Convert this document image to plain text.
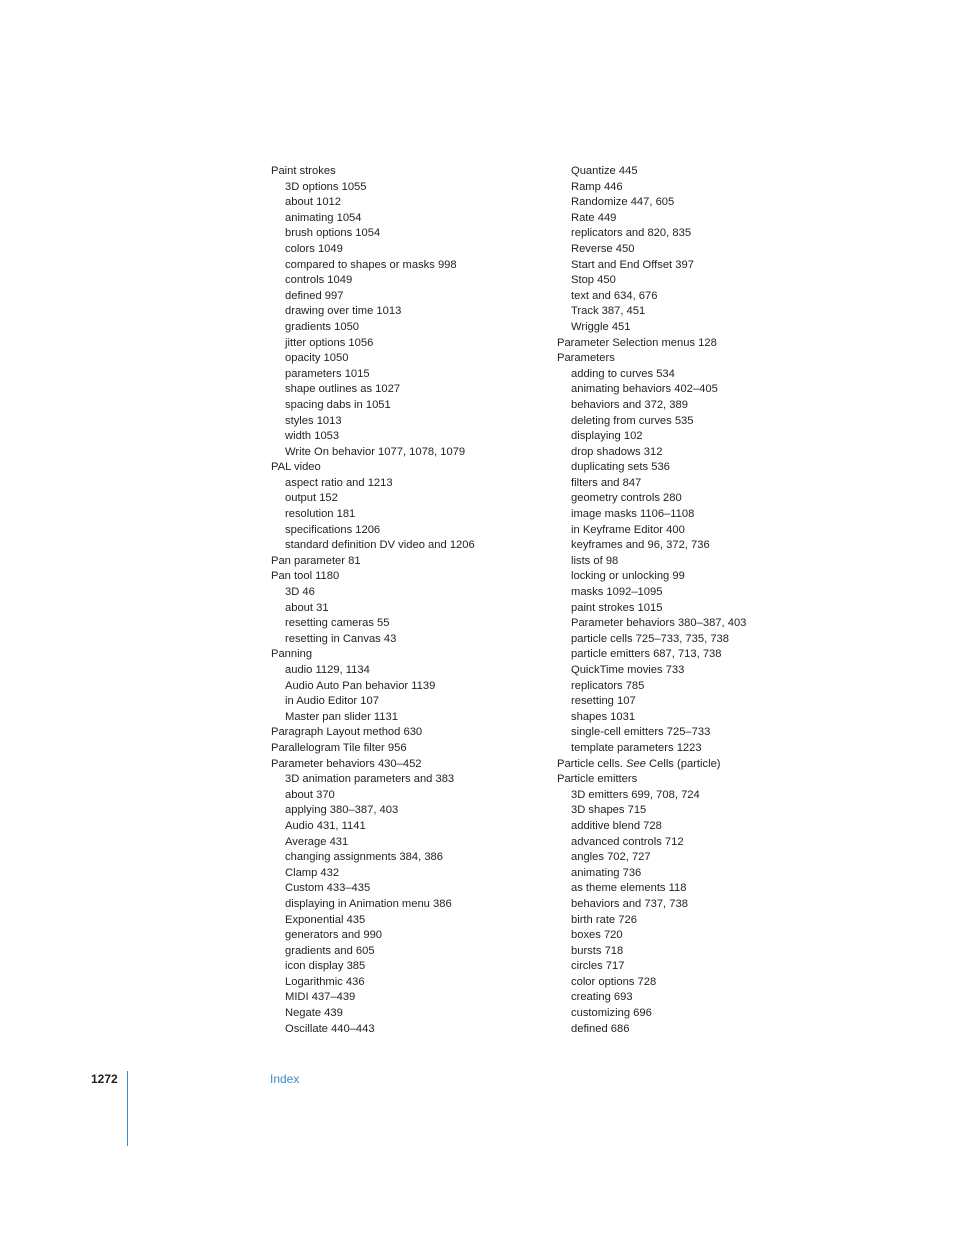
Paint strokes
3D options 1055
about 1012
animating 1054
brush options 1054
colors 1049
compared to shapes or masks 998
controls 1049
defined 997
drawing over time 1013
gradients 1050
jitter options 1056
opacity 1050
parameters 1015
shape outlines as 1027
spacing dabs in 1051
styles 1013
width 1053
Write On behavior 1077, 1078, 1079
PAL video
aspect ratio and 1213
output 152
resolution 181
specifications 1206
standard definition DV video and 1206
Pan parameter 81
Pan tool 1180
3D 46
about 31
resetting cameras 55
resetting in Canvas 43
Panning
audio 1129, 1134
Audio Auto Pan behavior 1139
in Audio Editor 107
Master pan slider 1131
Paragraph Layout method 630
Parallelogram Tile filter 956
Parameter behaviors 430–452
3D animation parameters and 383
about 370
applying 380–387, 403
Audio 431, 1141
Average 431
changing assignments 384, 386
Clamp 432
Custom 433–435
displaying in Animation menu 386
Exponential 435
generators and 990
gradients and 605
icon display 385
Logarithmic 436
MIDI 437–439
Negate 439
Oscillate 440–443
Quantize 445
Ramp 446
Randomize 447, 605
Rate 449
replicators and 820, 835
Reverse 450
Start and End Offset 397
Stop 450
text and 634, 676
Track 387, 451
Wriggle 451
Parameter Selection menus 128
Parameters
adding to curves 534
animating behaviors 402–405
behaviors and 372, 389
deleting from curves 535
displaying 102
drop shadows 312
duplicating sets 536
filters and 847
geometry controls 280
image masks 1106–1108
in Keyframe Editor 400
keyframes and 96, 372, 736
lists of 98
locking or unlocking 99
masks 1092–1095
paint strokes 1015
Parameter behaviors 380–387, 403
particle cells 725–733, 735, 738
particle emitters 687, 713, 738
QuickTime movies 733
replicators 785
resetting 107
shapes 1031
single-cell emitters 725–733
template parameters 1223
Particle cells. See Cells (particle)
Particle emitters
3D emitters 699, 708, 724
3D shapes 715
additive blend 728
advanced controls 712
angles 702, 727
animating 736
as theme elements 118
behaviors and 737, 738
birth rate 726
boxes 720
bursts 718
circles 717
color options 728
creating 693
customizing 696
defined 686
1272	Index
